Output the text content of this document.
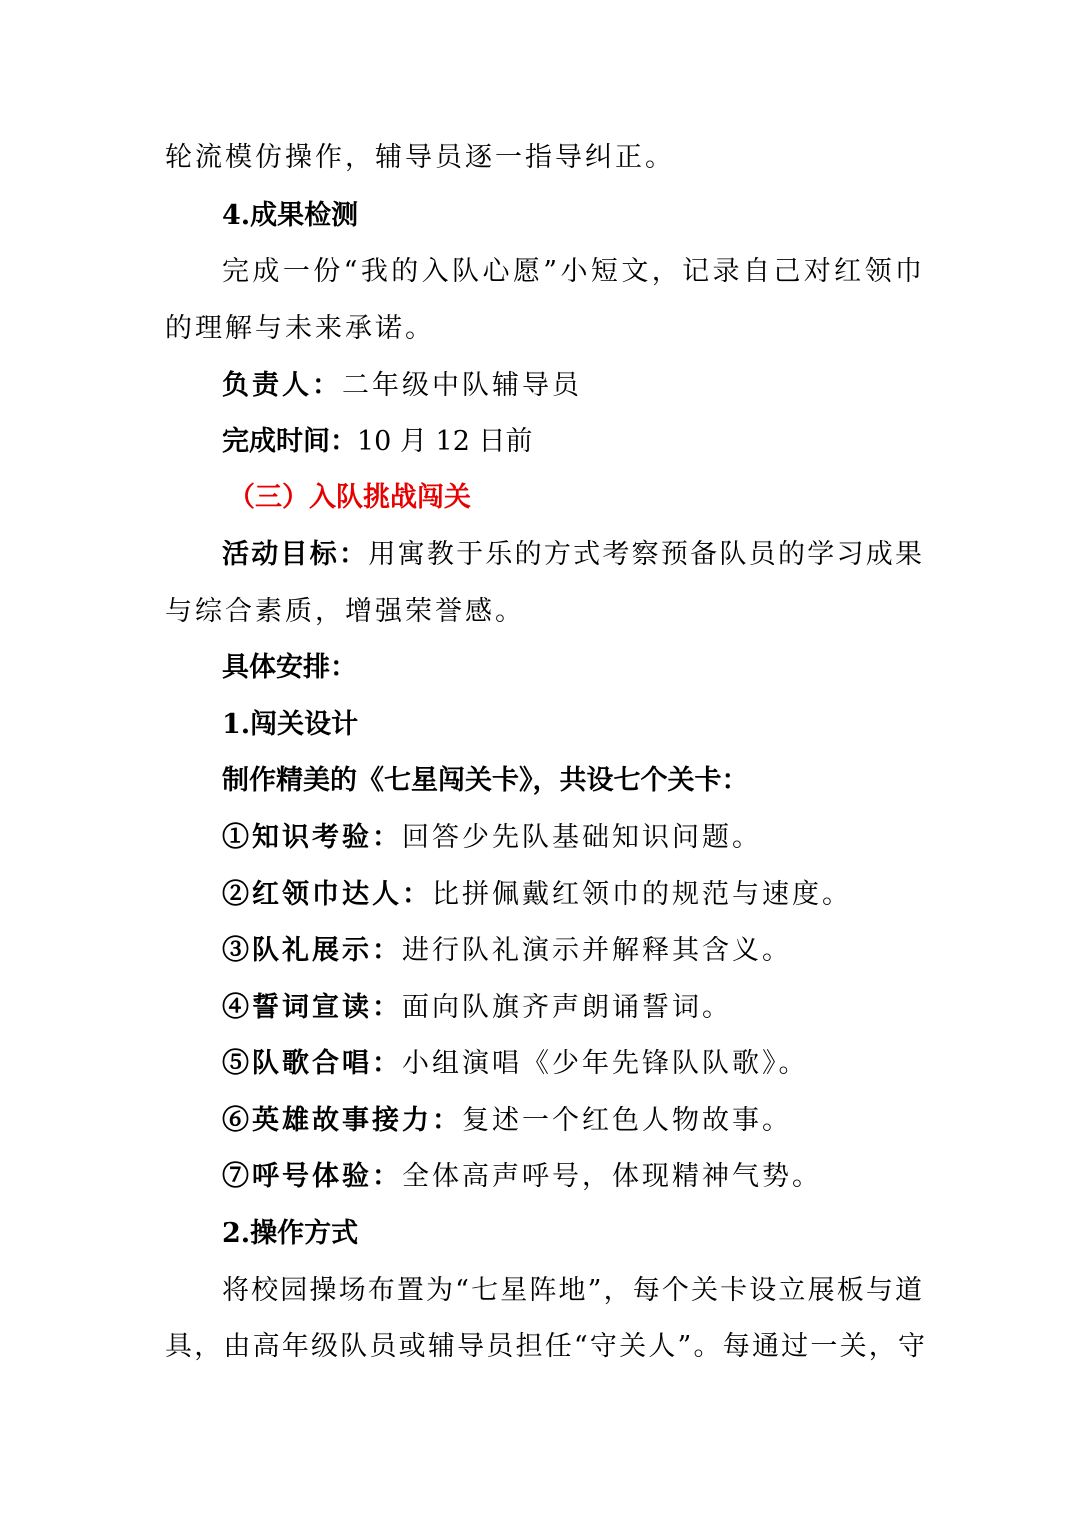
轮流模仿操作，辅导员逐一指导纠正。
4.成果检测
完成一份“我的入队心愿”小短文，记录自己对红领巾
的理解与未来承诺。
负责人：二年级中队辅导员
完成时间：10 月 12 日前
（三）入队挑战闯关
活动目标：用寓教于乐的方式考察预备队员的学习成果
与综合素质，增强荣誉感。
具体安排：
1.闯关设计
制作精美的《七星闯关卡》，共设七个关卡：
①知识考验：回答少先队基础知识问题。
②红领巾达人：比拼佩戴红领巾的规范与速度。
③队礼展示：进行队礼演示并解释其含义。
④誓词宣读：面向队旗齐声朗诵誓词。
⑤队歌合唱：小组演唱《少年先锋队队歌》。
⑥英雄故事接力：复述一个红色人物故事。
⑦呼号体验：全体高声呼号，体现精神气势。
2.操作方式
将校园操场布置为“七星阵地”，每个关卡设立展板与道
具，由高年级队员或辅导员担任“守关人”。每通过一关，守
